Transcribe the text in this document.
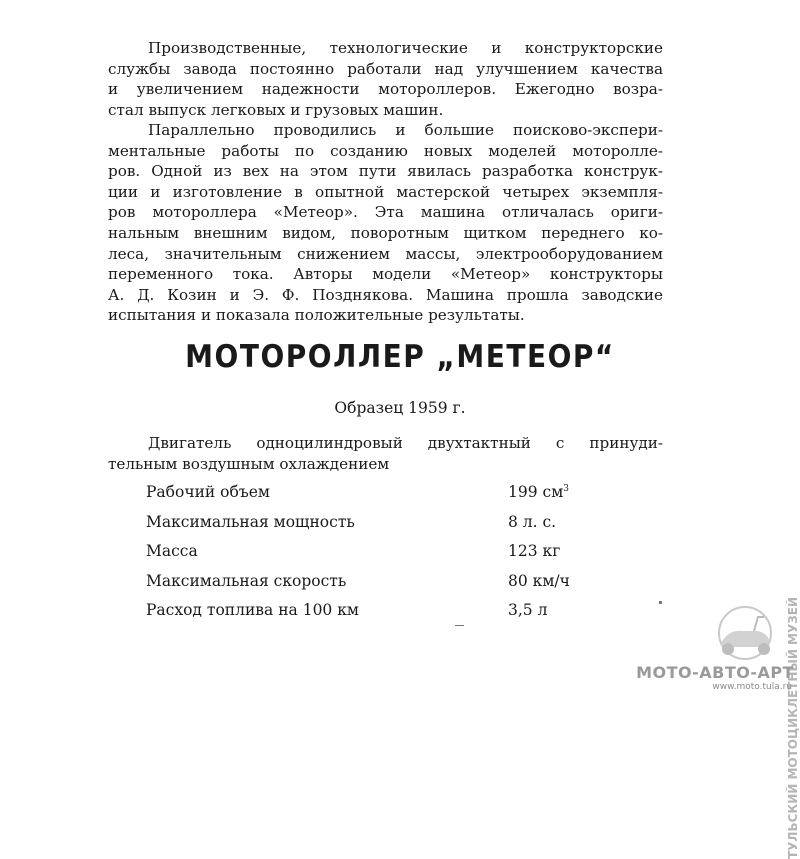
Производственные, технологические и конструкторские
службы завода постоянно работали над улучшением качества
и увеличением надежности мотороллеров. Ежегодно возра-
стал выпуск легковых и грузовых машин.
Параллельно проводились и большие поисково-экспери-
ментальные работы по созданию новых моделей моторолле-
ров. Одной из вех на этом пути явилась разработка конструк-
ции и изготовление в опытной мастерской четырех экземпля-
ров мотороллера «Метеор». Эта машина отличалась ориги-
нальным внешним видом, поворотным щитком переднего ко-
леса, значительным снижением массы, электрооборудованием
переменного тока. Авторы модели «Метеор» конструкторы
А. Д. Козин и Э. Ф. Позднякова. Машина прошла заводские
испытания и показала положительные результаты.
МОТОРОЛЛЕР „МЕТЕОР“

Образец 1959 г.

Двигатель одноцилиндровый двухтактный с принуди-
тельным воздушным охлаждением
Рабочий объем	199 $см^3$
Максимальная мощность	8 л. с.
Масса	123 кг
Максимальная скорость	80 км/ч
Расход топлива на 100 км	3,5 л	ТУЛЬСКИЙ МОТОЦИКЛЕТНЫЙ МУЗЕЙ
МОТО-АВТО-АРТ
www.moto.tula.ru
